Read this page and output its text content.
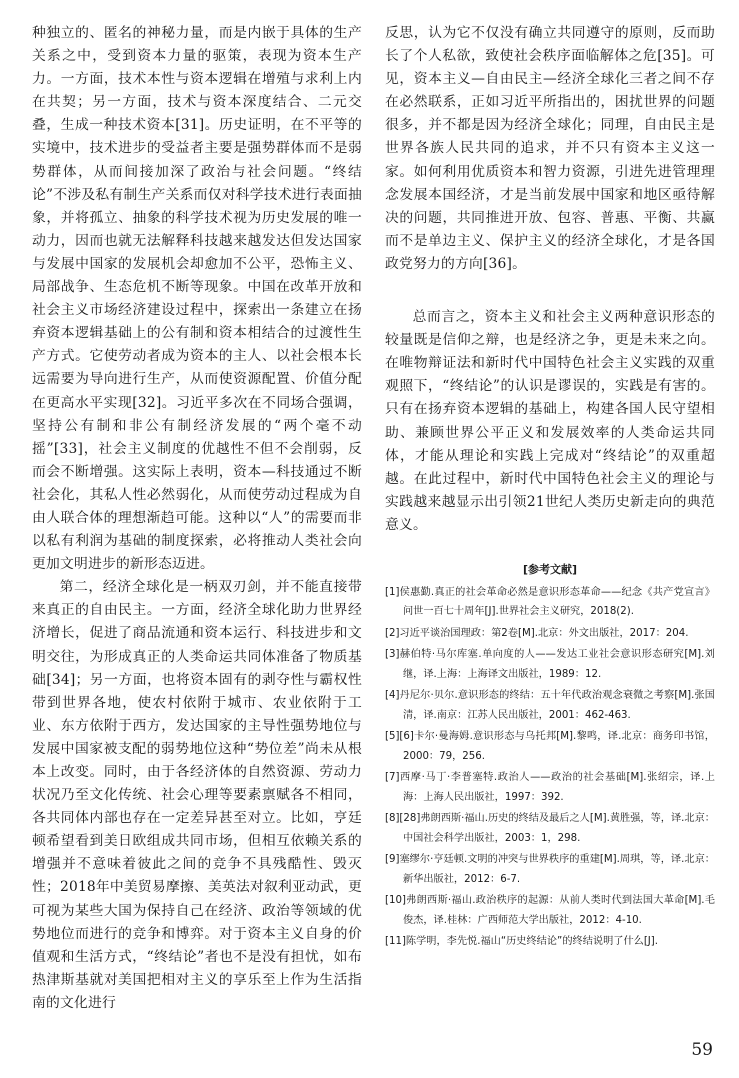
种独立的、匿名的神秘力量，而是内嵌于具体的生产关系之中，受到资本力量的驱策，表现为资本生产力。一方面，技术本性与资本逻辑在增殖与求利上内在共契；另一方面，技术与资本深度结合、二元交叠，生成一种技术资本[31]。历史证明，在不平等的实境中，技术进步的受益者主要是强势群体而不是弱势群体，从而间接加深了政治与社会问题。“终结论”不涉及私有制生产关系而仅对科学技术进行表面抽象，并将孤立、抽象的科学技术视为历史发展的唯一动力，因而也就无法解释科技越来越发达但发达国家与发展中国家的发展机会却愈加不公平，恐怖主义、局部战争、生态危机不断等现象。中国在改革开放和社会主义市场经济建设过程中，探索出一条建立在扬弃资本逻辑基础上的公有制和资本相结合的过渡性生产方式。它使劳动者成为资本的主人、以社会根本长远需要为导向进行生产，从而使资源配置、价值分配在更高水平实现[32]。习近平多次在不同场合强调，坚持公有制和非公有制经济发展的“两个毫不动摇”[33]，社会主义制度的优越性不但不会削弱，反而会不断增强。这实际上表明，资本—科技通过不断社会化，其私人性必然弱化，从而使劳动过程成为自由人联合体的理想渐趋可能。这种以“人”的需要而非以私有利润为基础的制度探索，必将推动人类社会向更加文明进步的新形态迈进。

第二，经济全球化是一柄双刃剑，并不能直接带来真正的自由民主。一方面，经济全球化助力世界经济增长，促进了商品流通和资本运行、科技进步和文明交往，为形成真正的人类命运共同体准备了物质基础[34]；另一方面，也将资本固有的剥夺性与霸权性带到世界各地，使农村依附于城市、农业依附于工业、东方依附于西方，发达国家的主导性强势地位与发展中国家被支配的弱势地位这种“势位差”尚未从根本上改变。同时，由于各经济体的自然资源、劳动力状况乃至文化传统、社会心理等要素禀赋各不相同，各共同体内部也存在一定差异甚至对立。比如，亨廷顿希望看到美日欧组成共同市场，但相互依赖关系的增强并不意味着彼此之间的竞争不具残酷性、毁灭性；2018年中美贸易摩擦、美英法对叙利亚动武，更可视为某些大国为保持自己在经济、政治等领域的优势地位而进行的竞争和博弈。对于资本主义自身的价值观和生活方式，“终结论”者也不是没有担忧，如布热津斯基就对美国把相对主义的享乐至上作为生活指南的文化进行

反思，认为它不仅没有确立共同遵守的原则，反而助长了个人私欲，致使社会秩序面临解体之危[35]。可见，资本主义—自由民主—经济全球化三者之间不存在必然联系，正如习近平所指出的，困扰世界的问题很多，并不都是因为经济全球化；同理，自由民主是世界各族人民共同的追求，并不只有资本主义这一家。如何利用优质资本和智力资源，引进先进管理理念发展本国经济，才是当前发展中国家和地区亟待解决的问题，共同推进开放、包容、普惠、平衡、共赢而不是单边主义、保护主义的经济全球化，才是各国政党努力的方向[36]。

总而言之，资本主义和社会主义两种意识形态的较量既是信仰之辩，也是经济之争，更是未来之向。在唯物辩证法和新时代中国特色社会主义实践的双重观照下，“终结论”的认识是谬误的，实践是有害的。只有在扬弃资本逻辑的基础上，构建各国人民守望相助、兼顾世界公平正义和发展效率的人类命运共同体，才能从理论和实践上完成对“终结论”的双重超越。在此过程中，新时代中国特色社会主义的理论与实践越来越显示出引领21世纪人类历史新走向的典范意义。

[参考文献]
[1]侯惠勤.真正的社会革命必然是意识形态革命——纪念《共产党宣言》问世一百七十周年[J].世界社会主义研究，2018(2).
[2]习近平谈治国理政：第2卷[M].北京：外文出版社，2017：204.
[3]赫伯特·马尔库塞.单向度的人——发达工业社会意识形态研究[M].刘继，译.上海：上海译文出版社，1989：12.
[4]丹尼尔·贝尔.意识形态的终结：五十年代政治观念衰微之考察[M].张国清，译.南京：江苏人民出版社，2001：462-463.
[5][6]卡尔·曼海姆.意识形态与乌托邦[M].黎鸣，译.北京：商务印书馆，2000：79，256.
[7]西摩·马丁·李普塞特.政治人——政治的社会基础[M].张绍宗，译.上海：上海人民出版社，1997：392.
[8][28]弗朗西斯·福山.历史的终结及最后之人[M].黄胜强，等，译.北京：中国社会科学出版社，2003：1，298.
[9]塞缪尔·亨廷顿.文明的冲突与世界秩序的重建[M].周琪，等，译.北京：新华出版社，2012：6-7.
[10]弗朗西斯·福山.政治秩序的起源：从前人类时代到法国大革命[M].毛俊杰，译.桂林：广西师范大学出版社，2012：4-10.
[11]陈学明，李先悦.福山“历史终结论”的终结说明了什么[J].
59
